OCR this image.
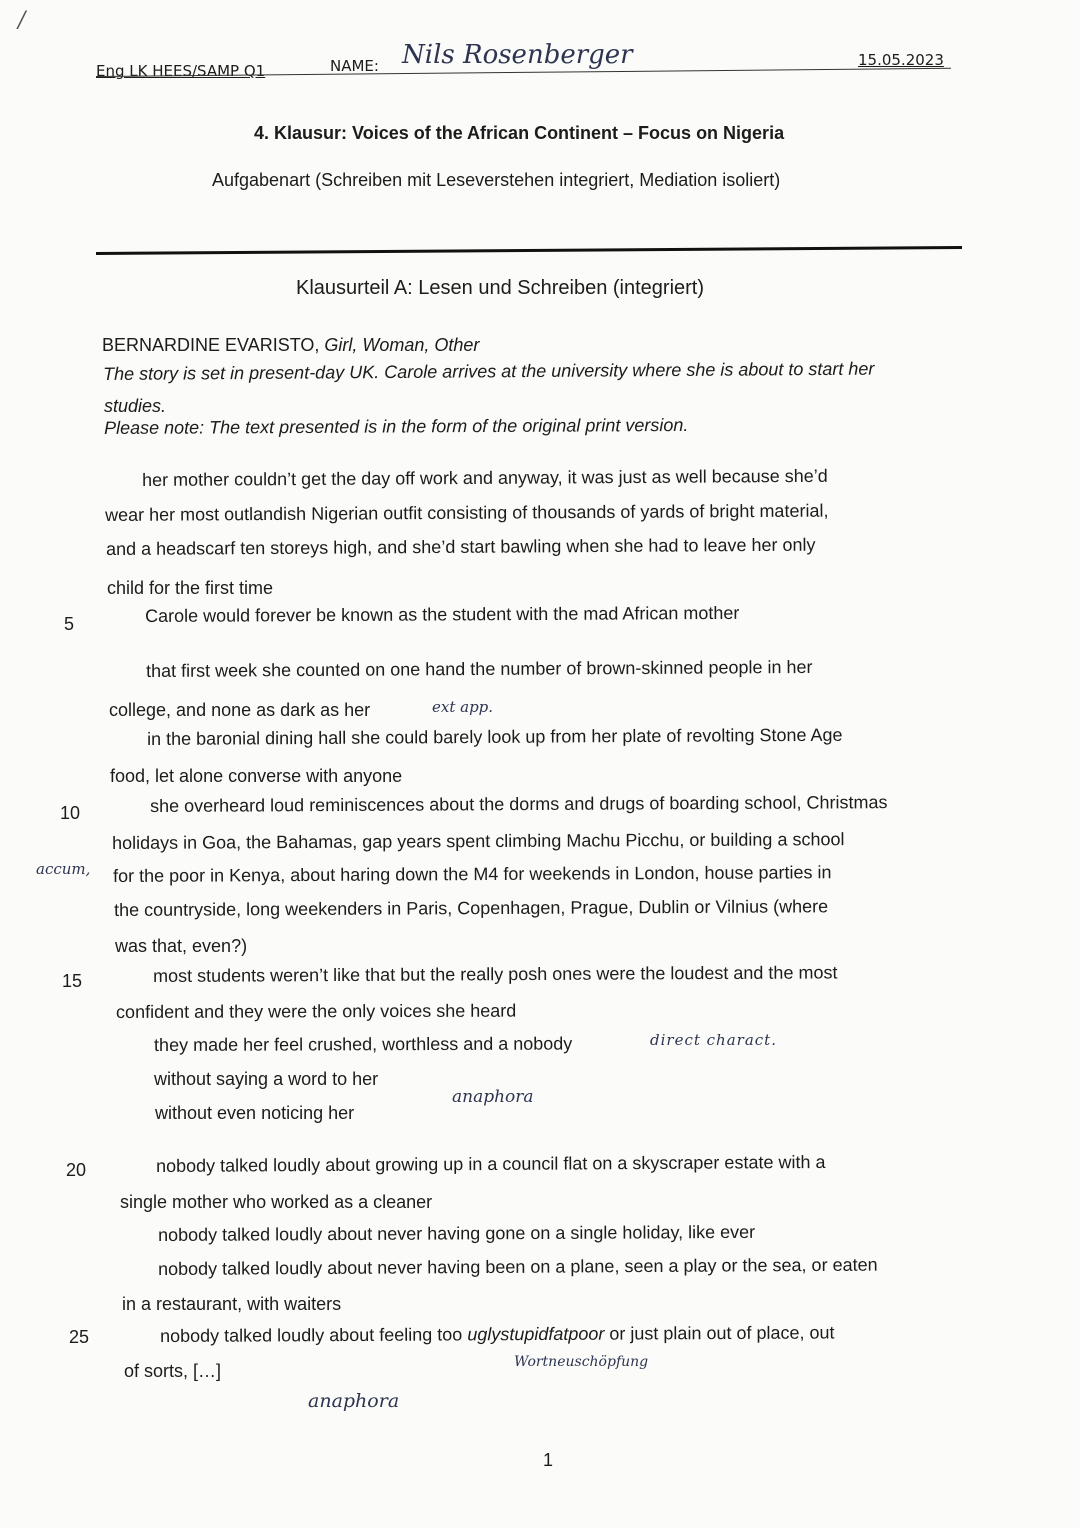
/
Eng LK HEES/SAMP Q1	NAME: Nils Rosenberger	15.05.2023
4. Klausur: Voices of the African Continent – Focus on Nigeria
Aufgabenart (Schreiben mit Leseverstehen integriert, Mediation isoliert)
Klausurteil A: Lesen und Schreiben (integriert)
BERNARDINE EVARISTO, Girl, Woman, Other
The story is set in present-day UK. Carole arrives at the university where she is about to start her
studies.
Please note: The text presented is in the form of the original print version.
her mother couldn’t get the day off work and anyway, it was just as well because she’d
wear her most outlandish Nigerian outfit consisting of thousands of yards of bright material,
and a headscarf ten storeys high, and she’d start bawling when she had to leave her only
child for the first time
Carole would forever be known as the student with the mad African mother
that first week she counted on one hand the number of brown-skinned people in her
college, and none as dark as her
in the baronial dining hall she could barely look up from her plate of revolting Stone Age
food, let alone converse with anyone
she overheard loud reminiscences about the dorms and drugs of boarding school, Christmas
holidays in Goa, the Bahamas, gap years spent climbing Machu Picchu, or building a school
for the poor in Kenya, about haring down the M4 for weekends in London, house parties in
the countryside, long weekenders in Paris, Copenhagen, Prague, Dublin or Vilnius (where
was that, even?)
most students weren’t like that but the really posh ones were the loudest and the most
confident and they were the only voices she heard
they made her feel crushed, worthless and a nobody
without saying a word to her
without even noticing her
nobody talked loudly about growing up in a council flat on a skyscraper estate with a
single mother who worked as a cleaner
nobody talked loudly about never having gone on a single holiday, like ever
nobody talked loudly about never having been on a plane, seen a play or the sea, or eaten
in a restaurant, with waiters
nobody talked loudly about feeling too uglystupidfatpoor or just plain out of place, out
of sorts, […]
5
10
15
20
25
ext app.
accum,
direct charact.
anaphora
Wortneuschöpfung
anaphora
1
